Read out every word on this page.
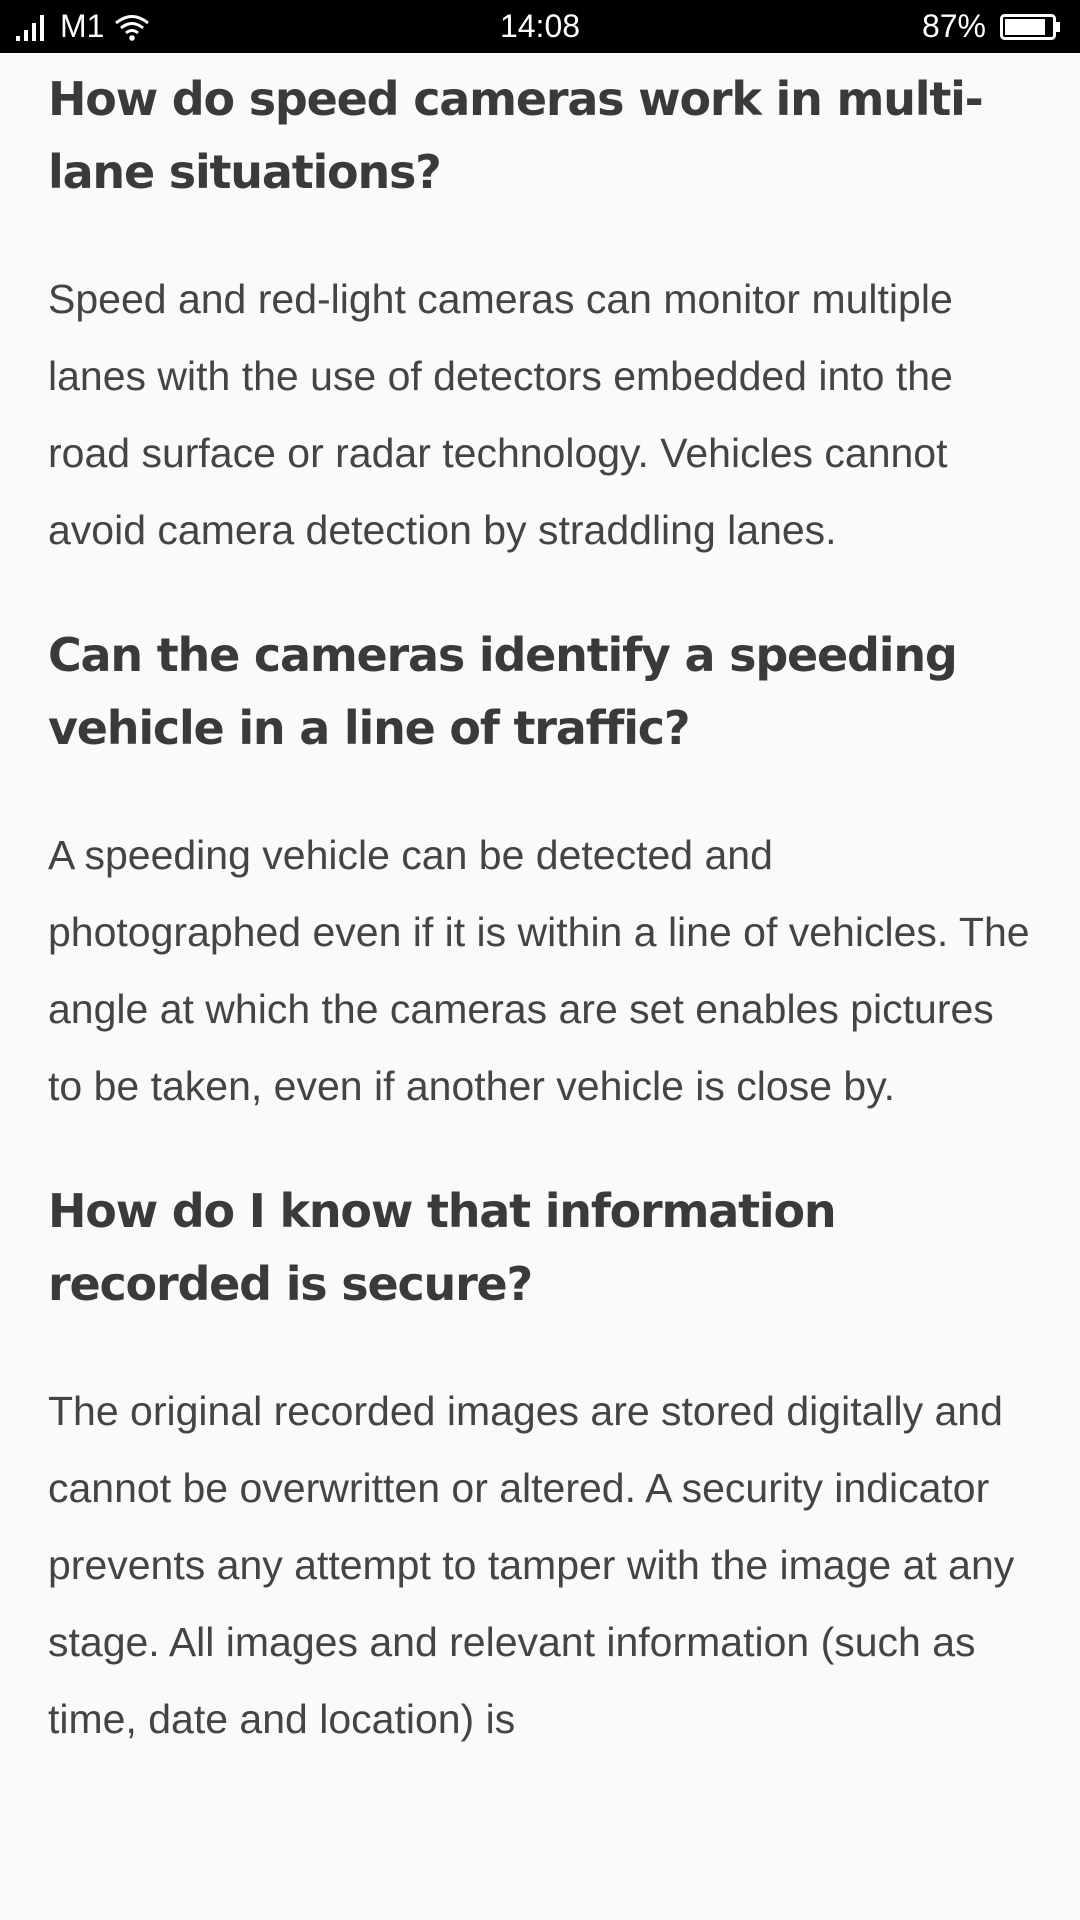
M1	14:08	87%
How do speed cameras work in multi-lane situations?

Speed and red-light cameras can monitor multiple lanes with the use of detectors embedded into the road surface or radar technology. Vehicles cannot avoid camera detection by straddling lanes.

Can the cameras identify a speeding vehicle in a line of traffic?

A speeding vehicle can be detected and photographed even if it is within a line of vehicles. The angle at which the cameras are set enables pictures to be taken, even if another vehicle is close by.

How do I know that information recorded is secure?

The original recorded images are stored digitally and cannot be overwritten or altered. A security indicator prevents any attempt to tamper with the image at any stage. All images and relevant information (such as time, date and location) is
